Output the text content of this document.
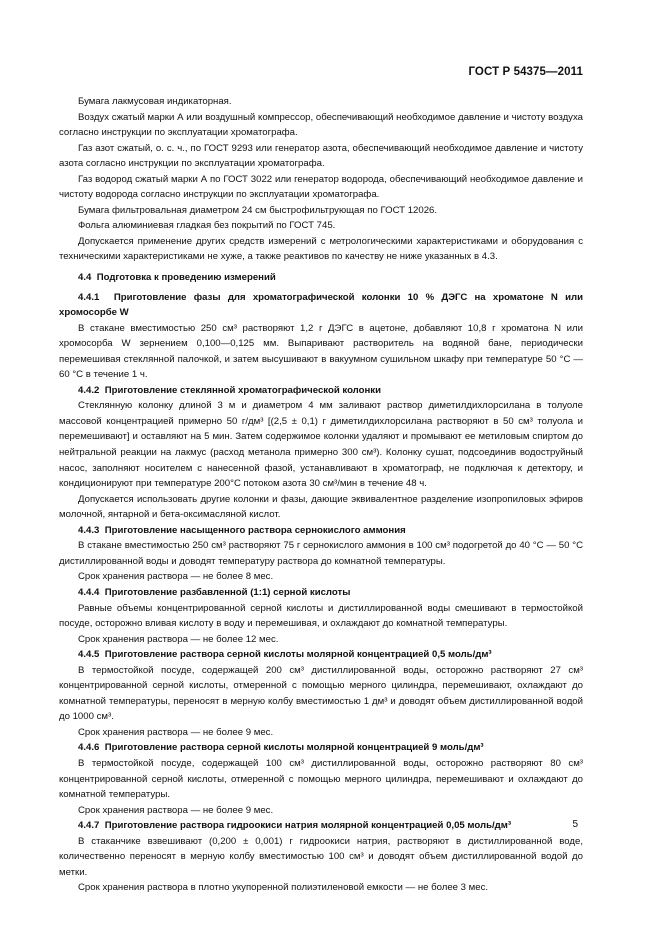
ГОСТ Р 54375—2011

Бумага лакмусовая индикаторная.

Воздух сжатый марки А или воздушный компрессор, обеспечивающий необходимое давление и чистоту воздуха согласно инструкции по эксплуатации хроматографа.

Газ азот сжатый, о. с. ч., по ГОСТ 9293 или генератор азота, обеспечивающий необходимое давление и чистоту азота согласно инструкции по эксплуатации хроматографа.

Газ водород сжатый марки А по ГОСТ 3022 или генератор водорода, обеспечивающий необходимое давление и чистоту водорода согласно инструкции по эксплуатации хроматографа.

Бумага фильтровальная диаметром 24 см быстрофильтрующая по ГОСТ 12026.

Фольга алюминиевая гладкая без покрытий по ГОСТ 745.

Допускается применение других средств измерений с метрологическими характеристиками и оборудования с техническими характеристиками не хуже, а также реактивов по качеству не ниже указанных в 4.3.

4.4 Подготовка к проведению измерений

4.4.1 Приготовление фазы для хроматографической колонки 10 % ДЭГС на хроматоне N или хромосорбе W

В стакане вместимостью 250 см³ растворяют 1,2 г ДЭГС в ацетоне, добавляют 10,8 г хроматона N или хромосорба W зернением 0,100—0,125 мм. Выпаривают растворитель на водяной бане, периодически перемешивая стеклянной палочкой, и затем высушивают в вакуумном сушильном шкафу при температуре 50 °С — 60 °С в течение 1 ч.

4.4.2 Приготовление стеклянной хроматографической колонки

Стеклянную колонку длиной 3 м и диаметром 4 мм заливают раствор диметилдихлорсилана в толуоле массовой концентрацией примерно 50 г/дм³ [(2,5 ± 0,1) г диметилдихлорсилана растворяют в 50 см³ толуола и перемешивают] и оставляют на 5 мин. Затем содержимое колонки удаляют и промывают ее метиловым спиртом до нейтральной реакции на лакмус (расход метанола примерно 300 см³). Колонку сушат, подсоединив водоструйный насос, заполняют носителем с нанесенной фазой, устанавливают в хроматограф, не подключая к детектору, и кондиционируют при температуре 200°С потоком азота 30 см³/мин в течение 48 ч.

Допускается использовать другие колонки и фазы, дающие эквивалентное разделение изопропиловых эфиров молочной, янтарной и бета-оксимасляной кислот.

4.4.3 Приготовление насыщенного раствора сернокислого аммония

В стакане вместимостью 250 см³ растворяют 75 г сернокислого аммония в 100 см³ подогретой до 40 °С — 50 °С дистиллированной воды и доводят температуру раствора до комнатной температуры.

Срок хранения раствора — не более 8 мес.

4.4.4 Приготовление разбавленной (1:1) серной кислоты

Равные объемы концентрированной серной кислоты и дистиллированной воды смешивают в термостойкой посуде, осторожно вливая кислоту в воду и перемешивая, и охлаждают до комнатной температуры.

Срок хранения раствора — не более 12 мес.

4.4.5 Приготовление раствора серной кислоты молярной концентрацией 0,5 моль/дм³

В термостойкой посуде, содержащей 200 см³ дистиллированной воды, осторожно растворяют 27 см³ концентрированной серной кислоты, отмеренной с помощью мерного цилиндра, перемешивают, охлаждают до комнатной температуры, переносят в мерную колбу вместимостью 1 дм³ и доводят объем дистиллированной водой до 1000 см³.

Срок хранения раствора — не более 9 мес.

4.4.6 Приготовление раствора серной кислоты молярной концентрацией 9 моль/дм³

В термостойкой посуде, содержащей 100 см³ дистиллированной воды, осторожно растворяют 80 см³ концентрированной серной кислоты, отмеренной с помощью мерного цилиндра, перемешивают и охлаждают до комнатной температуры.

Срок хранения раствора — не более 9 мес.

4.4.7 Приготовление раствора гидроокиси натрия молярной концентрацией 0,05 моль/дм³

В стаканчике взвешивают (0,200 ± 0,001) г гидроокиси натрия, растворяют в дистиллированной воде, количественно переносят в мерную колбу вместимостью 100 см³ и доводят объем дистиллированной водой до метки.

Срок хранения раствора в плотно укупоренной полиэтиленовой емкости — не более 3 мес.

5
